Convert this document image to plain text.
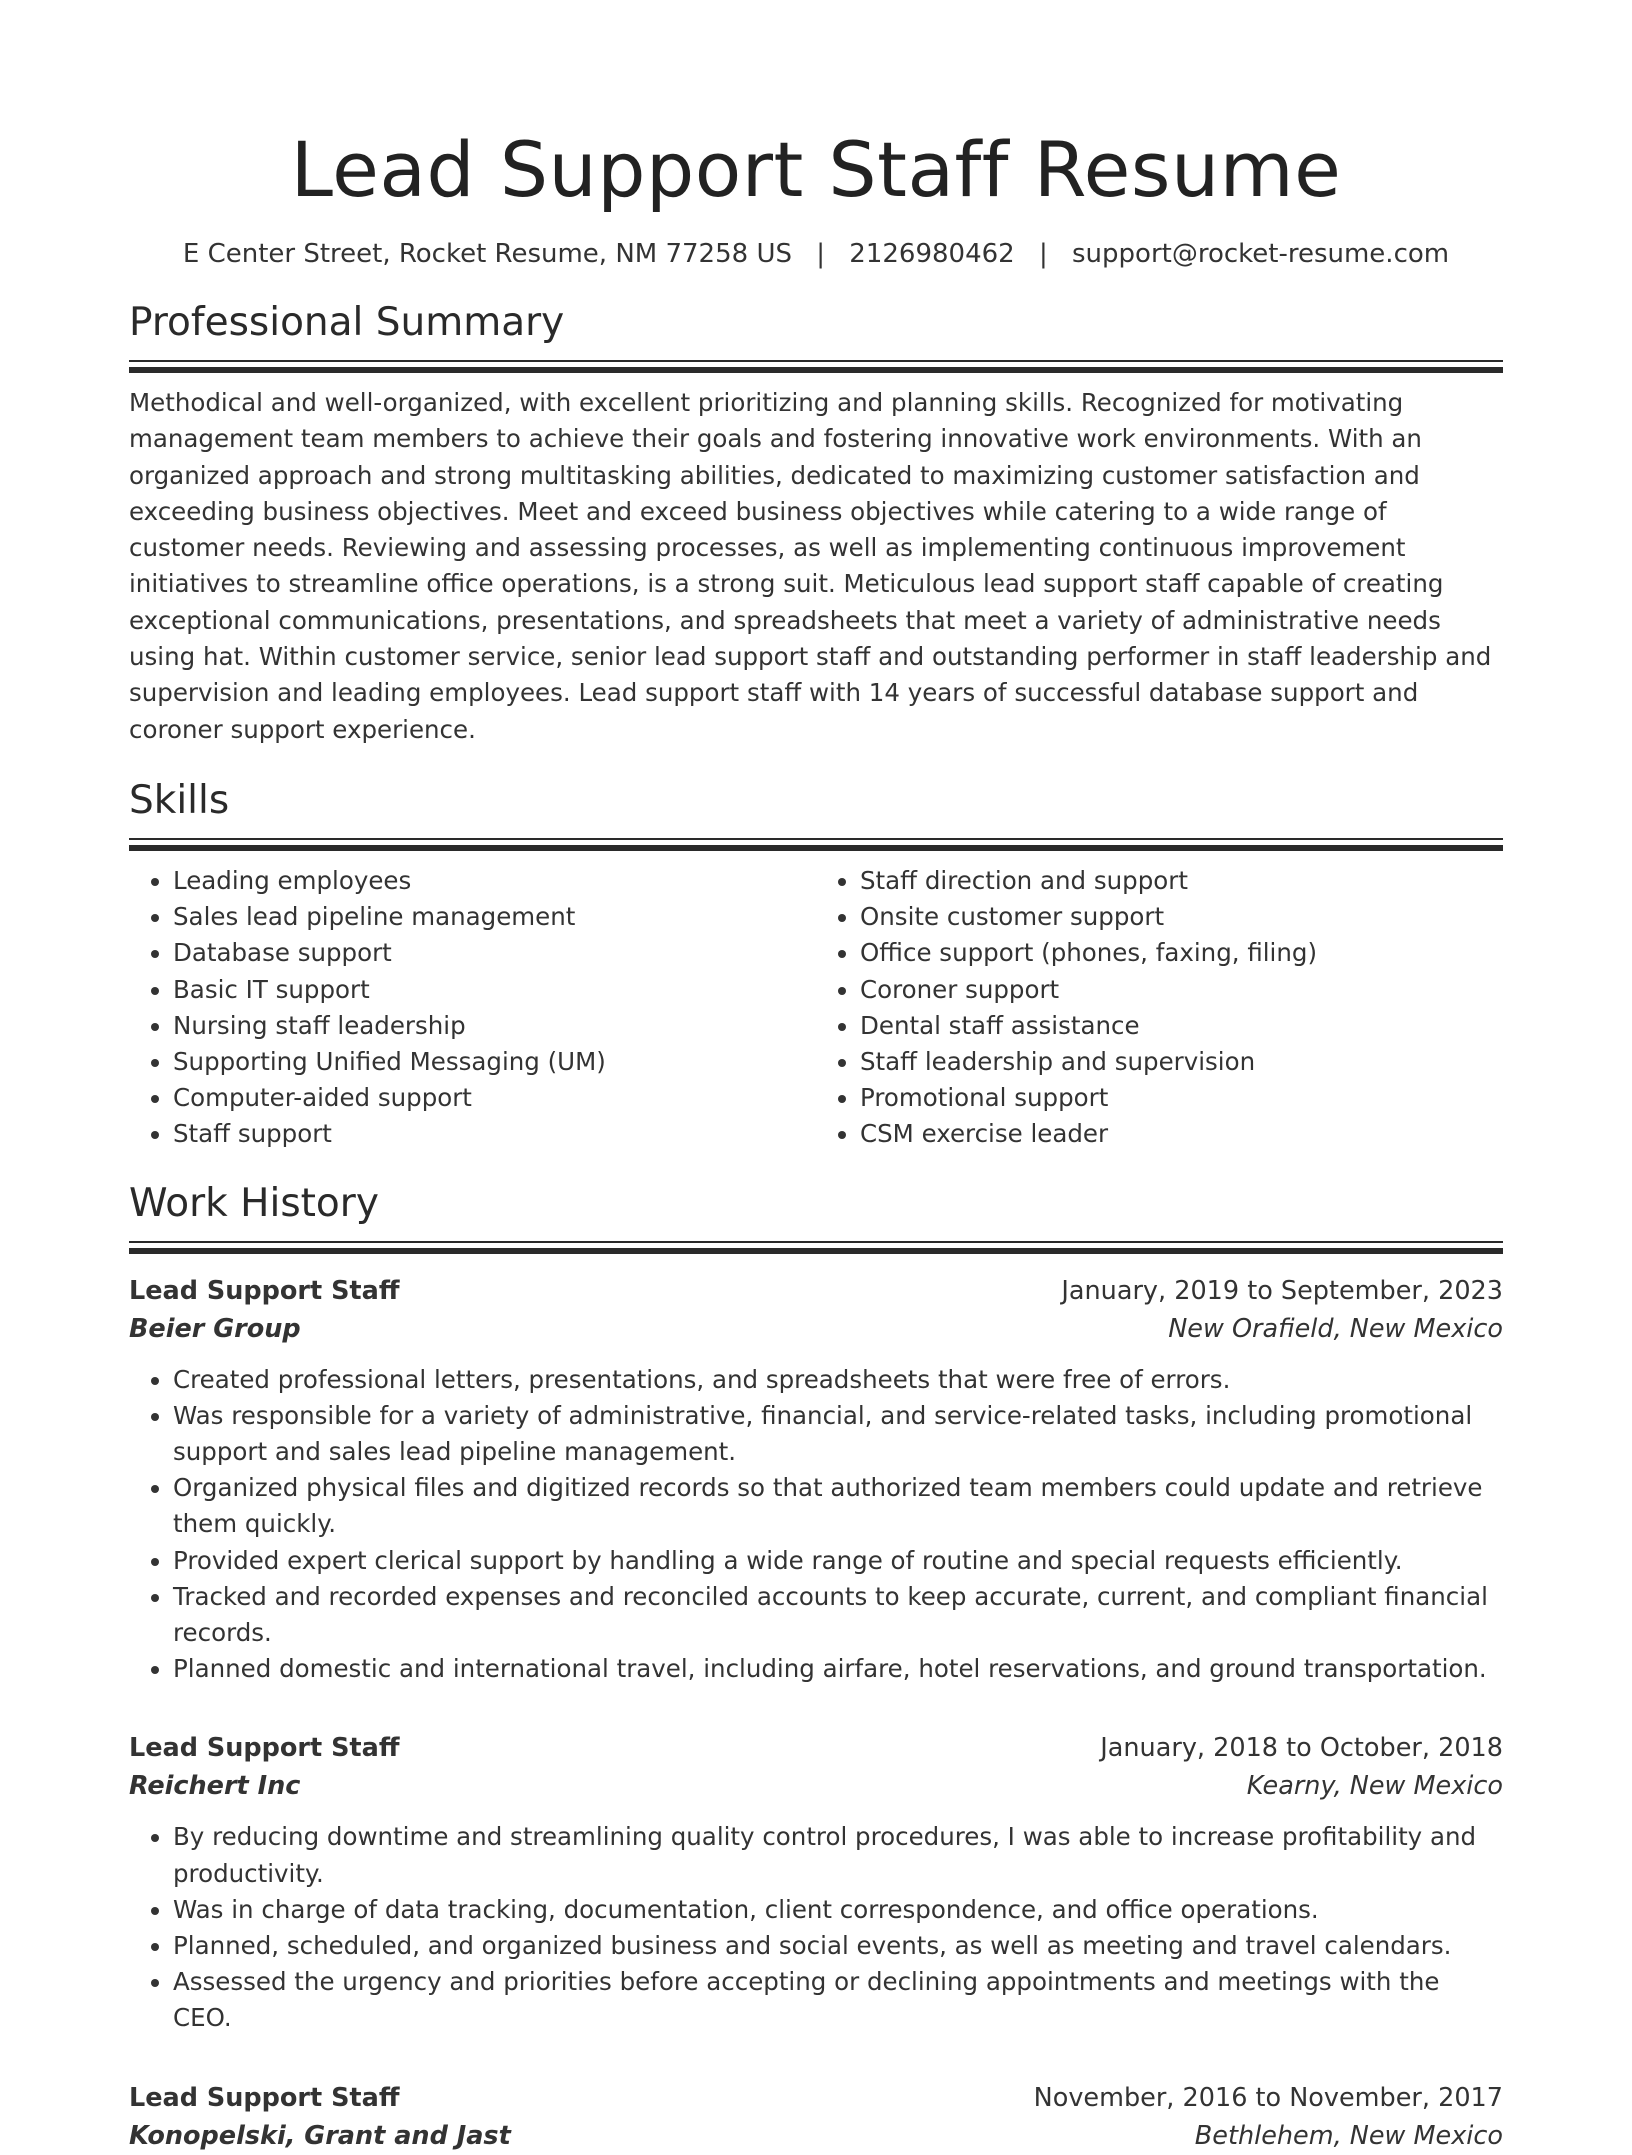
Lead Support Staff Resume
E Center Street, Rocket Resume, NM 77258 US | 2126980462 | support@rocket-resume.com
Professional Summary
Methodical and well-organized, with excellent prioritizing and planning skills. Recognized for motivating management team members to achieve their goals and fostering innovative work environments. With an organized approach and strong multitasking abilities, dedicated to maximizing customer satisfaction and exceeding business objectives. Meet and exceed business objectives while catering to a wide range of customer needs. Reviewing and assessing processes, as well as implementing continuous improvement initiatives to streamline office operations, is a strong suit. Meticulous lead support staff capable of creating exceptional communications, presentations, and spreadsheets that meet a variety of administrative needs using hat. Within customer service, senior lead support staff and outstanding performer in staff leadership and supervision and leading employees. Lead support staff with 14 years of successful database support and coroner support experience.
Skills
• Leading employees
• Sales lead pipeline management
• Database support
• Basic IT support
• Nursing staff leadership
• Supporting Unified Messaging (UM)
• Computer-aided support
• Staff support
• Staff direction and support
• Onsite customer support
• Office support (phones, faxing, filing)
• Coroner support
• Dental staff assistance
• Staff leadership and supervision
• Promotional support
• CSM exercise leader
Work History
Lead Support Staff	January, 2019 to September, 2023
Beier Group	New Orafield, New Mexico
• Created professional letters, presentations, and spreadsheets that were free of errors.
• Was responsible for a variety of administrative, financial, and service-related tasks, including promotional support and sales lead pipeline management.
• Organized physical files and digitized records so that authorized team members could update and retrieve them quickly.
• Provided expert clerical support by handling a wide range of routine and special requests efficiently.
• Tracked and recorded expenses and reconciled accounts to keep accurate, current, and compliant financial records.
• Planned domestic and international travel, including airfare, hotel reservations, and ground transportation.
Lead Support Staff	January, 2018 to October, 2018
Reichert Inc	Kearny, New Mexico
• By reducing downtime and streamlining quality control procedures, I was able to increase profitability and productivity.
• Was in charge of data tracking, documentation, client correspondence, and office operations.
• Planned, scheduled, and organized business and social events, as well as meeting and travel calendars.
• Assessed the urgency and priorities before accepting or declining appointments and meetings with the CEO.
Lead Support Staff	November, 2016 to November, 2017
Konopelski, Grant and Jast	Bethlehem, New Mexico
